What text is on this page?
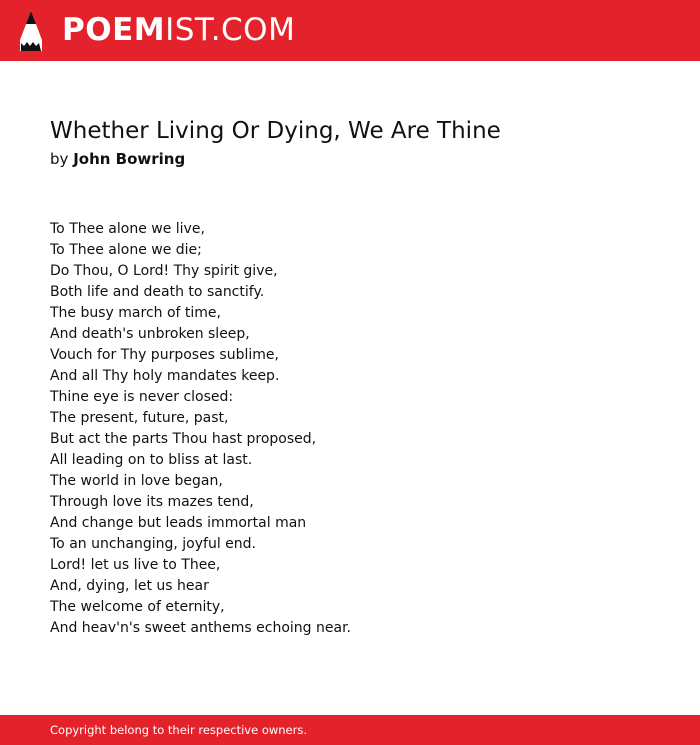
POEMIST.COM
Whether Living Or Dying, We Are Thine
by John Bowring
To Thee alone we live,
To Thee alone we die;
Do Thou, O Lord! Thy spirit give,
Both life and death to sanctify.
The busy march of time,
And death's unbroken sleep,
Vouch for Thy purposes sublime,
And all Thy holy mandates keep.
Thine eye is never closed:
The present, future, past,
But act the parts Thou hast proposed,
All leading on to bliss at last.
The world in love began,
Through love its mazes tend,
And change but leads immortal man
To an unchanging, joyful end.
Lord! let us live to Thee,
And, dying, let us hear
The welcome of eternity,
And heav'n's sweet anthems echoing near.
Copyright belong to their respective owners.
